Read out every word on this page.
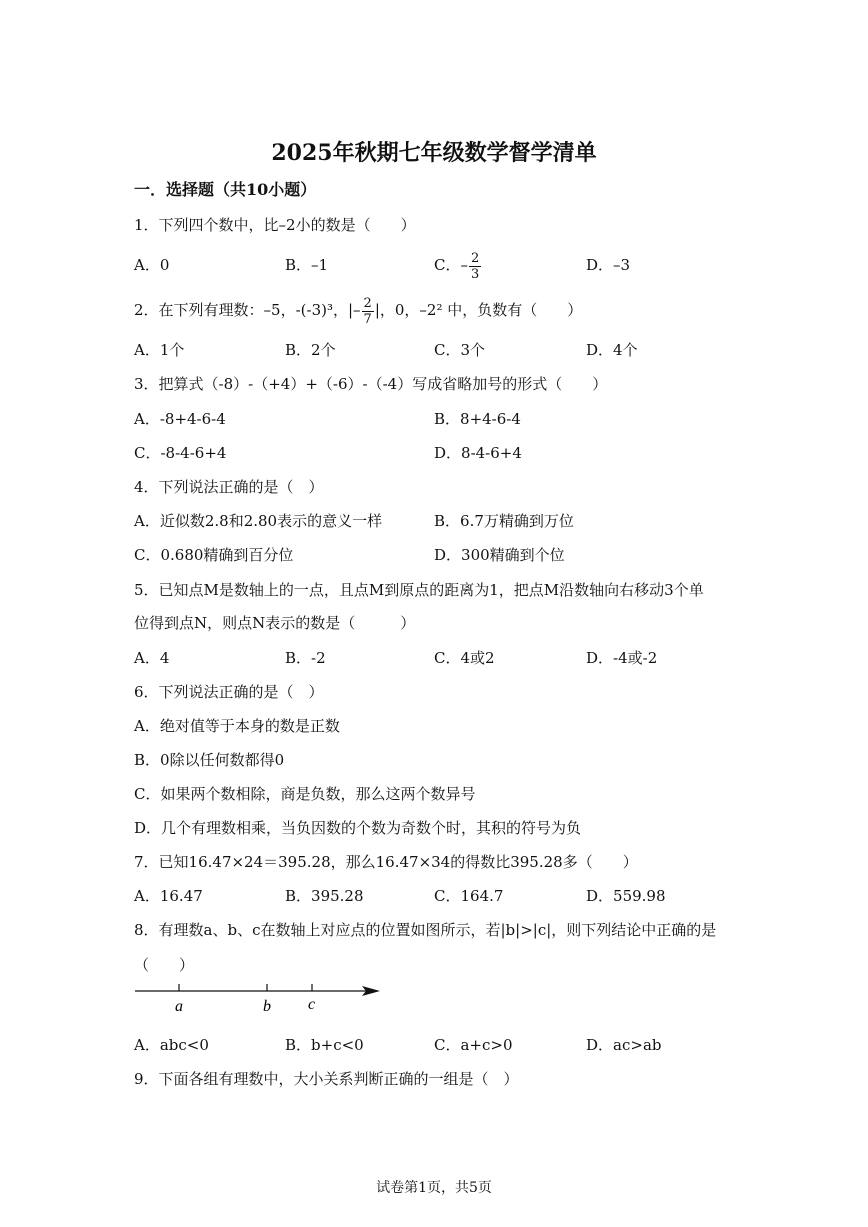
2025年秋期七年级数学督学清单
一．选择题（共10小题）
1．下列四个数中，比–2小的数是（　　）
A．0	B．–1	C．– $\frac{2}{3}$	D．–3
2．在下列有理数：–5，-(-3)³，|– $\frac{2}{7}$ |，0，–2² 中，负数有（　　）
A．1个	B．2个	C．3个	D．4个
3．把算式（-8）-（+4）+（-6）-（-4）写成省略加号的形式（　　）
A．-8+4-6-4	B．8+4-6-4
C．-8-4-6+4	D．8-4-6+4
4．下列说法正确的是（　）
A．近似数2.8和2.80表示的意义一样	B．6.7万精确到万位
C．0.680精确到百分位	D．300精确到个位
5．已知点M是数轴上的一点，且点M到原点的距离为1，把点M沿数轴向右移动3个单
位得到点N，则点N表示的数是（　　　）
A．4	B．-2	C．4或2	D．-4或-2
6．下列说法正确的是（　）
A．绝对值等于本身的数是正数
B．0除以任何数都得0
C．如果两个数相除，商是负数，那么这两个数异号
D．几个有理数相乘，当负因数的个数为奇数个时，其积的符号为负
7．已知16.47×24＝395.28，那么16.47×34的得数比395.28多（　　）
A．16.47	B．395.28	C．164.7	D．559.98
8．有理数a、b、c在数轴上对应点的位置如图所示，若|b|>|c|，则下列结论中正确的是
（　　）
a	b c
A．abc<0	B．b+c<0	C．a+c>0	D．ac>ab
9．下面各组有理数中，大小关系判断正确的一组是（　）
试卷第1页，共5页
